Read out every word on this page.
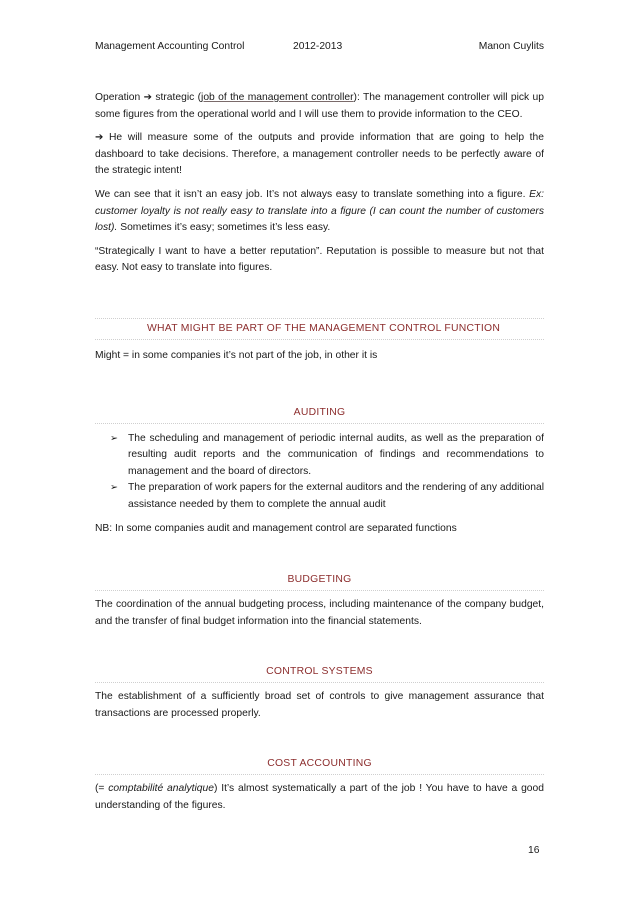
Management Accounting Control	2012-2013	Manon Cuylits

Operation ➔ strategic (job of the management controller): The management controller will pick up some figures from the operational world and I will use them to provide information to the CEO.

➔ He will measure some of the outputs and provide information that are going to help the dashboard to take decisions. Therefore, a management controller needs to be perfectly aware of the strategic intent!

We can see that it isn’t an easy job. It’s not always easy to translate something into a figure. Ex: customer loyalty is not really easy to translate into a figure (I can count the number of customers lost). Sometimes it’s easy; sometimes it’s less easy.

“Strategically I want to have a better reputation”. Reputation is possible to measure but not that easy. Not easy to translate into figures.

WHAT MIGHT BE PART OF THE MANAGEMENT CONTROL FUNCTION

Might = in some companies it’s not part of the job, in other it is

AUDITING
➢ The scheduling and management of periodic internal audits, as well as the preparation of resulting audit reports and the communication of findings and recommendations to management and the board of directors.
➢ The preparation of work papers for the external auditors and the rendering of any additional assistance needed by them to complete the annual audit

NB: In some companies audit and management control are separated functions

BUDGETING

The coordination of the annual budgeting process, including maintenance of the company budget, and the transfer of final budget information into the financial statements.

CONTROL SYSTEMS

The establishment of a sufficiently broad set of controls to give management assurance that transactions are processed properly.

COST ACCOUNTING

(= comptabilité analytique) It’s almost systematically a part of the job ! You have to have a good understanding of the figures.

16
